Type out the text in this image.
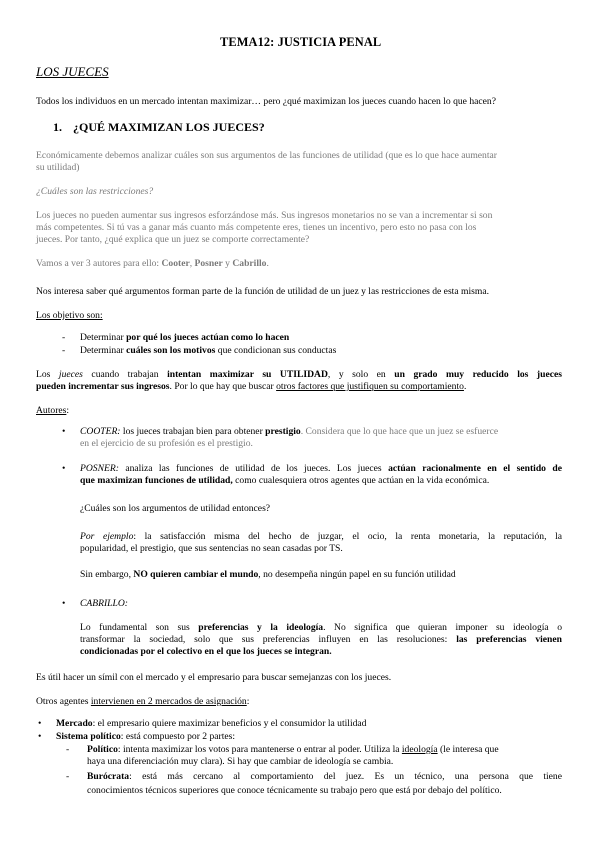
TEMA12: JUSTICIA PENAL
LOS JUECES
Todos los individuos en un mercado intentan maximizar… pero ¿qué maximizan los jueces cuando hacen lo que hacen?
1. ¿QUÉ MAXIMIZAN LOS JUECES?
Económicamente debemos analizar cuáles son sus argumentos de las funciones de utilidad (que es lo que hace aumentar
su utilidad)
¿Cuáles son las restricciones?
Los jueces no pueden aumentar sus ingresos esforzándose más. Sus ingresos monetarios no se van a incrementar si son
más competentes. Si tú vas a ganar más cuanto más competente eres, tienes un incentivo, pero esto no pasa con los
jueces. Por tanto, ¿qué explica que un juez se comporte correctamente?
Vamos a ver 3 autores para ello: Cooter, Posner y Cabrillo.
Nos interesa saber qué argumentos forman parte de la función de utilidad de un juez y las restricciones de esta misma.
Los objetivo son:
- Determinar por qué los jueces actúan como lo hacen
- Determinar cuáles son los motivos que condicionan sus conductas
Los jueces cuando trabajan intentan maximizar su UTILIDAD, y solo en un grado muy reducido los jueces
pueden incrementar sus ingresos. Por lo que hay que buscar otros factores que justifiquen su comportamiento.
Autores:
• COOTER: los jueces trabajan bien para obtener prestigio. Considera que lo que hace que un juez se esfuerce
en el ejercicio de su profesión es el prestigio.
• POSNER: analiza las funciones de utilidad de los jueces. Los jueces actúan racionalmente en el sentido de
que maximizan funciones de utilidad, como cualesquiera otros agentes que actúan en la vida económica.
¿Cuáles son los argumentos de utilidad entonces?
Por ejemplo: la satisfacción misma del hecho de juzgar, el ocio, la renta monetaria, la reputación, la
popularidad, el prestigio, que sus sentencias no sean casadas por TS.
Sin embargo, NO quieren cambiar el mundo, no desempeña ningún papel en su función utilidad
• CABRILLO:
Lo fundamental son sus preferencias y la ideología. No significa que quieran imponer su ideología o
transformar la sociedad, solo que sus preferencias influyen en las resoluciones: las preferencias vienen
condicionadas por el colectivo en el que los jueces se integran.
Es útil hacer un símil con el mercado y el empresario para buscar semejanzas con los jueces.
Otros agentes intervienen en 2 mercados de asignación:
• Mercado: el empresario quiere maximizar beneficios y el consumidor la utilidad
• Sistema político: está compuesto por 2 partes:
- Político: intenta maximizar los votos para mantenerse o entrar al poder. Utiliza la ideología (le interesa que
haya una diferenciación muy clara). Si hay que cambiar de ideología se cambia.
- Burócrata: está más cercano al comportamiento del juez. Es un técnico, una persona que tiene
conocimientos técnicos superiores que conoce técnicamente su trabajo pero que está por debajo del político.
